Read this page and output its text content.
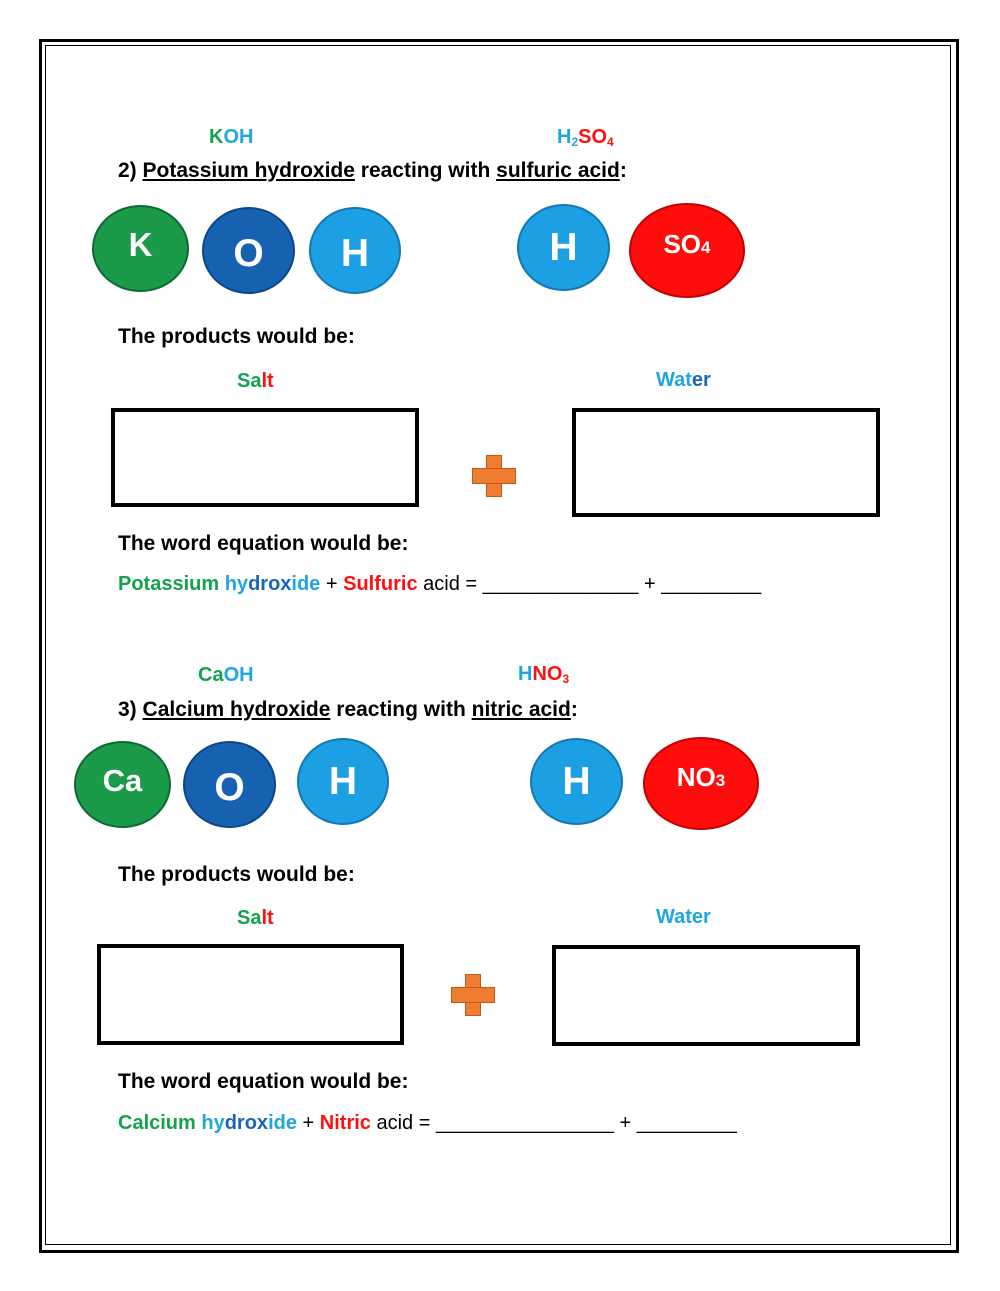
KOH	$H_2SO_4$
2) Potassium hydroxide reacting with sulfuric acid:
K O H	H	SO4
The products would be:
Salt	Water
The word equation would be:
Potassium hydroxide + Sulfuric acid = ______________ + _________
CaOH	$HNO_3$
3) Calcium hydroxide reacting with nitric acid:
Ca O H	H	NO3
The products would be:
Salt	Water
The word equation would be:
Calcium hydroxide + Nitric acid = ________________ + _________
